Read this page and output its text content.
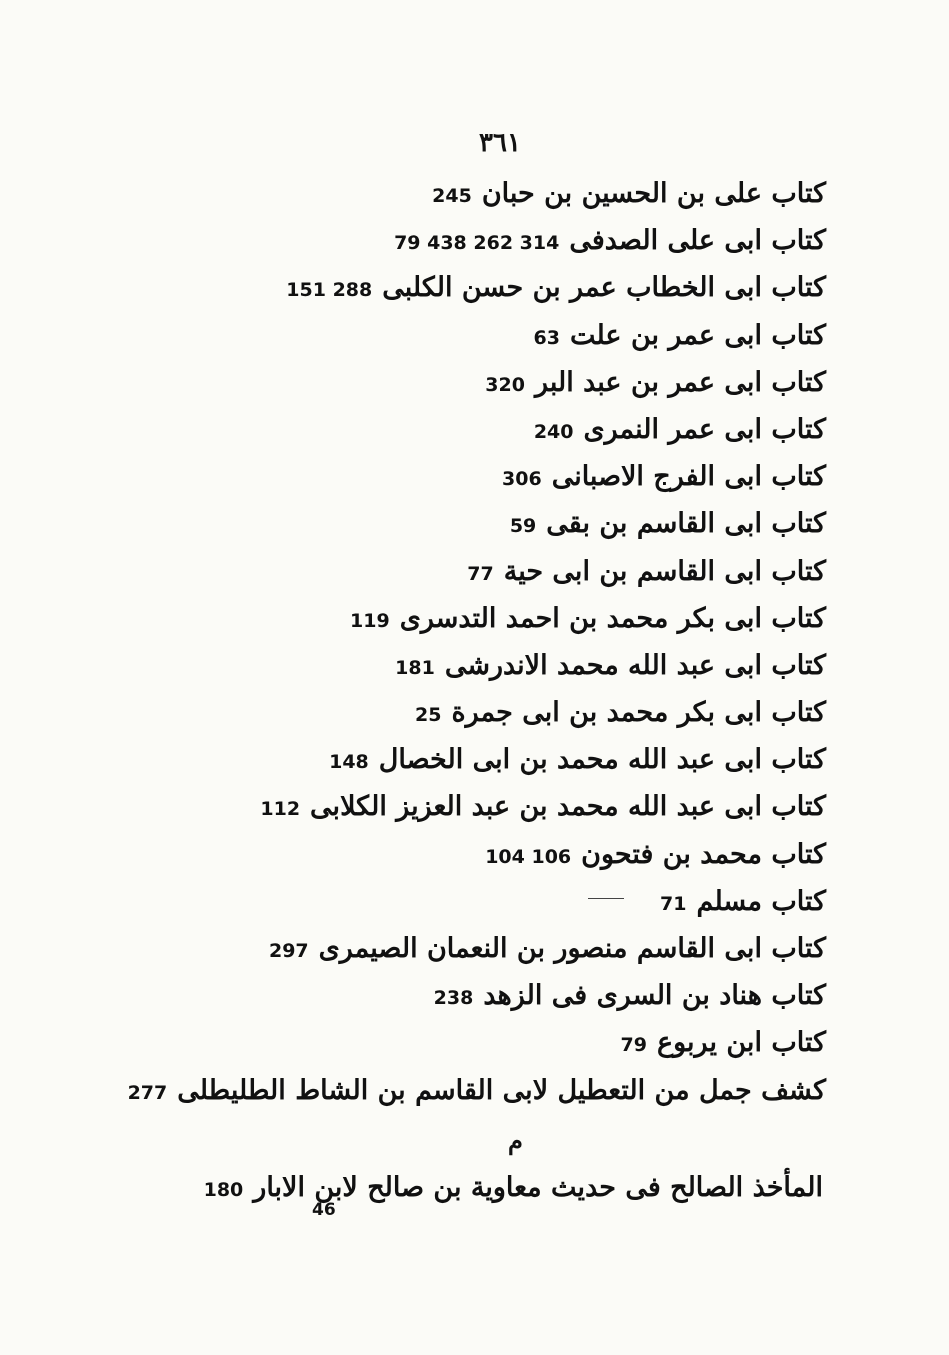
٣٦١
كتاب على بن الحسين بن حبان245
كتاب ابى على الصدفى79 438 262 314
كتاب ابى الخطاب عمر بن حسن الكلبى151 288
كتاب ابى عمر بن علت63
كتاب ابى عمر بن عبد البر320
كتاب ابى عمر النمرى240
كتاب ابى الفرج الاصبانى306
كتاب ابى القاسم بن بقى59
كتاب ابى القاسم بن ابى حية77
كتاب ابى بكر محمد بن احمد التدسرى119
كتاب ابى عبد الله محمد الاندرشى181
كتاب ابى بكر محمد بن ابى جمرة25
كتاب ابى عبد الله محمد بن ابى الخصال148
كتاب ابى عبد الله محمد بن عبد العزيز الكلابى112
كتاب محمد بن فتحون104 106
كتاب مسلم71
كتاب ابى القاسم منصور بن النعمان الصيمرى297
كتاب هناد بن السرى فى الزهد238
كتاب ابن يربوع79
كشف جمل من التعطيل لابى القاسم بن الشاط الطليطلى277
م
المأخذ الصالح فى حديث معاوية بن صالح لابن الابار180
46
